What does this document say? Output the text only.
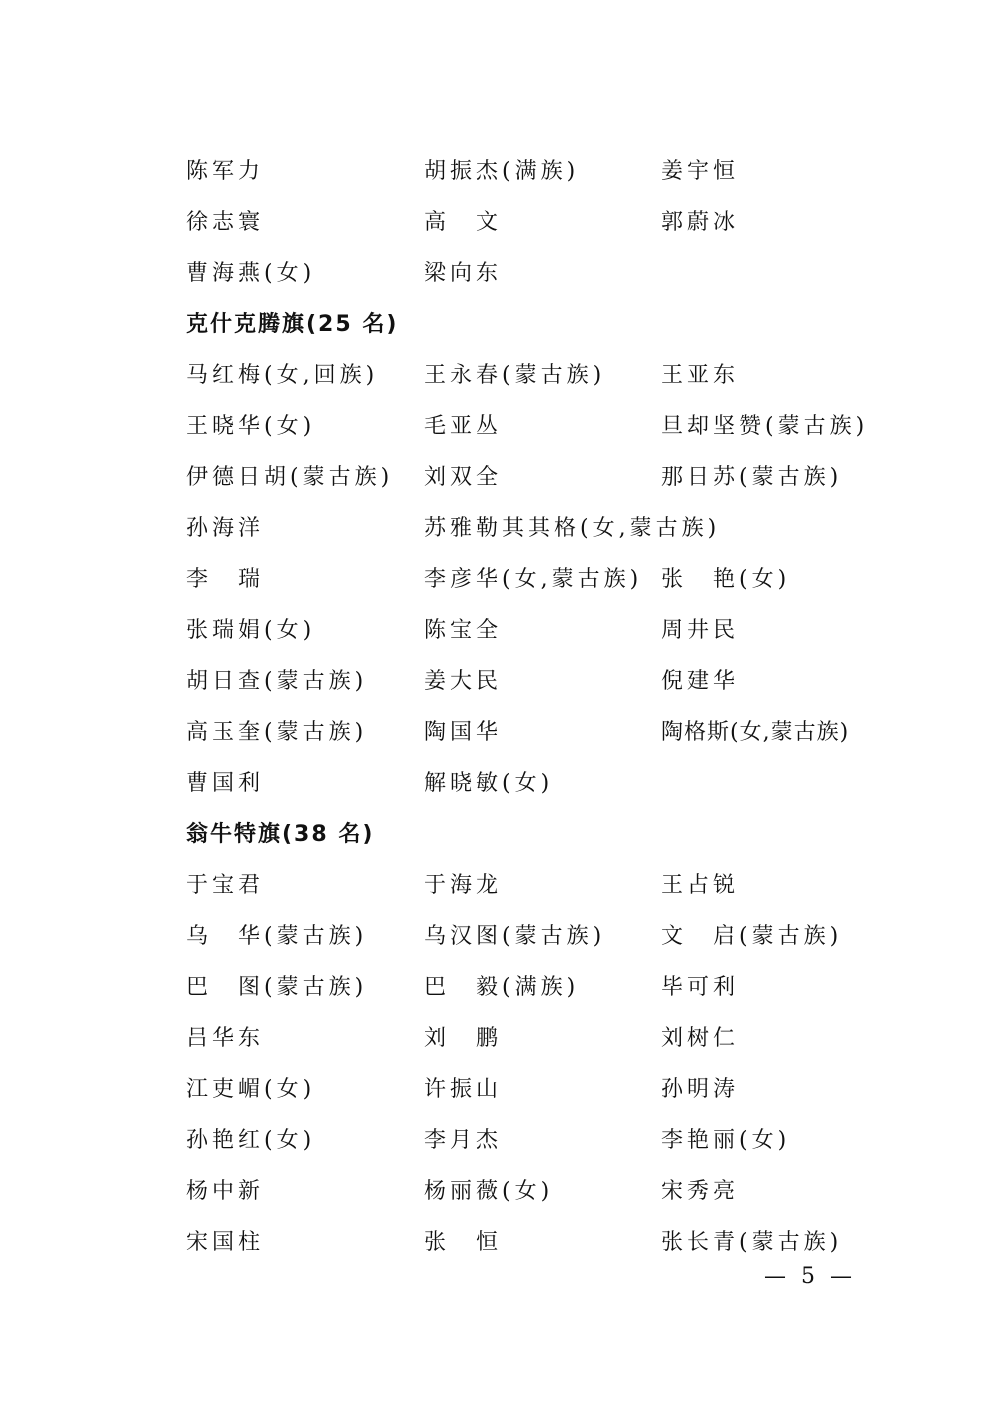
陈军力	胡振杰(满族)	姜宇恒
徐志寰	高　文	郭蔚冰
曹海燕(女)	梁向东
克什克腾旗(25 名)
马红梅(女,回族) 王永春(蒙古族)	王亚东
王晓华(女)	毛亚丛	旦却坚赞(蒙古族)
伊德日胡(蒙古族) 刘双全	那日苏(蒙古族)
孙海洋	苏雅勒其其格(女,蒙古族)
李　瑞	李彦华(女,蒙古族) 张　艳(女)
张瑞娟(女)	陈宝全	周井民
胡日查(蒙古族)	姜大民	倪建华
高玉奎(蒙古族)	陶国华	陶格斯(女,蒙古族)
曹国利	解晓敏(女)
翁牛特旗(38 名)
于宝君	于海龙	王占锐
乌　华(蒙古族)	乌汉图(蒙古族)	文　启(蒙古族)
巴　图(蒙古族)	巴　毅(满族)	毕可利
吕华东	刘　鹏	刘树仁
江吏嵋(女)	许振山	孙明涛
孙艳红(女)	李月杰	李艳丽(女)
杨中新	杨丽薇(女)	宋秀亮
宋国柱	张　恒	张长青(蒙古族)
— 5 —
